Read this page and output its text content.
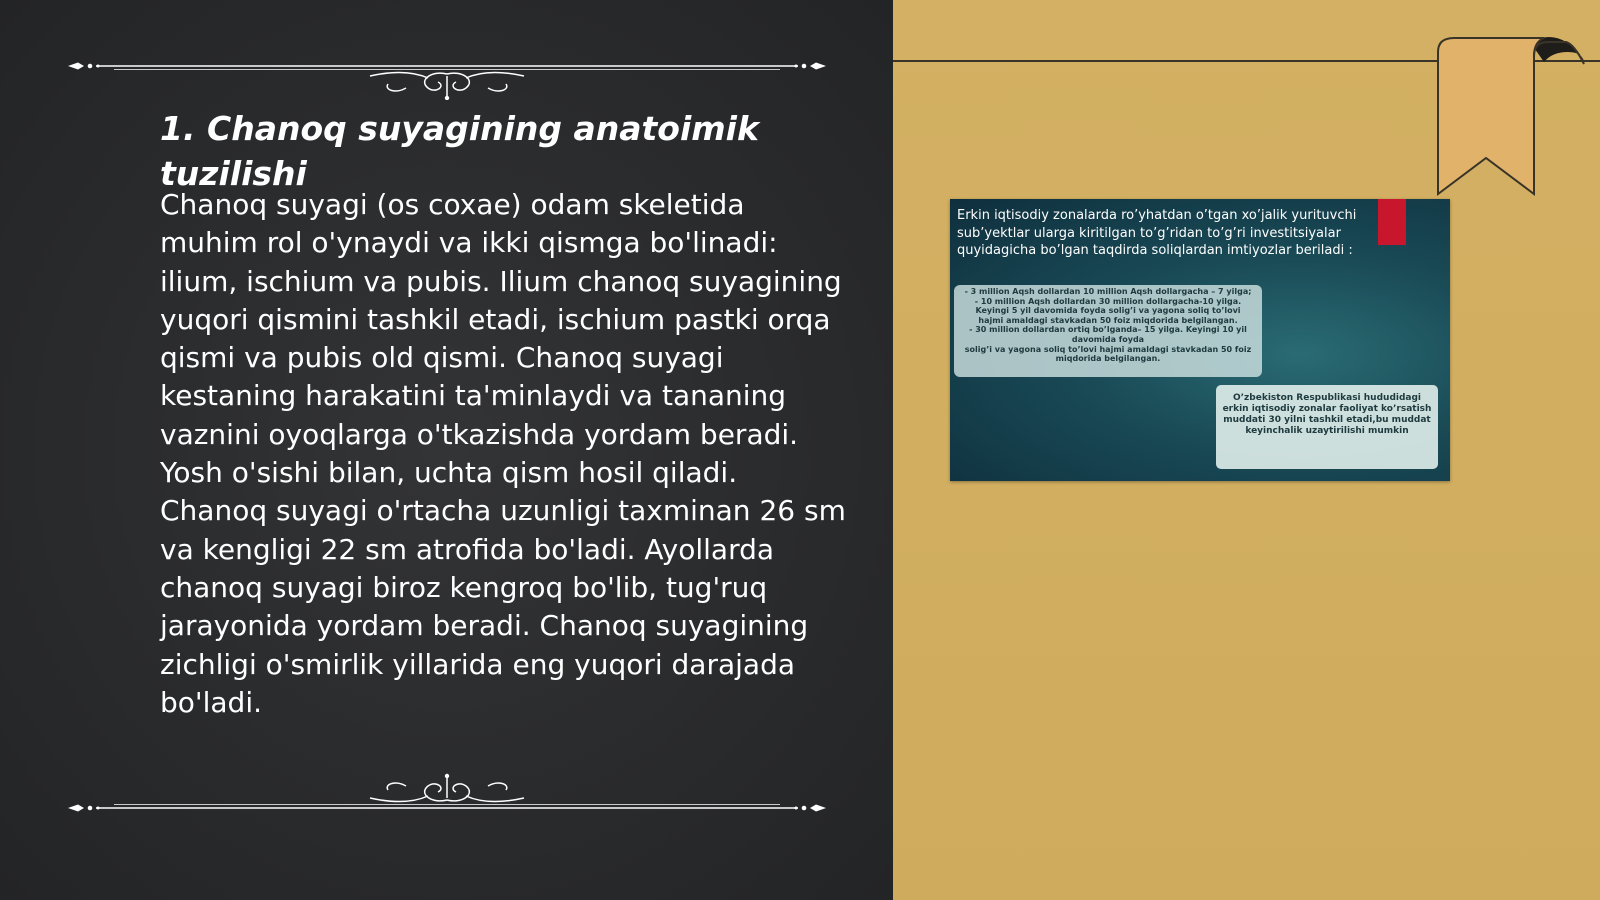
1. Chanoq suyagining anatoimik tuzilishi

Chanoq suyagi (os coxae) odam skeletida muhim rol o'ynaydi va ikki qismga bo'linadi: ilium, ischium va pubis. Ilium chanoq suyagining yuqori qismini tashkil etadi, ischium pastki orqa qismi va pubis old qismi. Chanoq suyagi kestaning harakatini ta'minlaydi va tananing vaznini oyoqlarga o'tkazishda yordam beradi. Yosh o'sishi bilan, uchta qism hosil qiladi. Chanoq suyagi o'rtacha uzunligi taxminan 26 sm va kengligi 22 sm atrofida bo'ladi. Ayollarda chanoq suyagi biroz kengroq bo'lib, tug'ruq jarayonida yordam beradi. Chanoq suyagining zichligi o'smirlik yillarida eng yuqori darajada bo'ladi.

Erkin iqtisodiy zonalarda ro’yhatdan o’tgan xo’jalik yurituvchi sub’yektlar ularga kiritilgan to’g’ridan to’g’ri investitsiyalar quyidagicha bo’lgan taqdirda soliqlardan imtiyozlar beriladi :

- 3 million Aqsh dollardan 10 million Aqsh dollargacha – 7 yilga;

- 10 million Aqsh dollardan 30 million dollargacha-10 yilga. Keyingi 5 yil davomida foyda solig’i va yagona soliq to’lovi hajmi amaldagi stavkadan 50 foiz miqdorida belgilangan.

- 30 million dollardan ortiq bo’lganda– 15 yilga. Keyingi 10 yil davomida foyda

solig’i va yagona soliq to’lovi hajmi amaldagi stavkadan 50 foiz miqdorida belgilangan.

O’zbekiston Respublikasi hududidagi erkin iqtisodiy zonalar faoliyat ko’rsatish muddati 30 yilni tashkil etadi,bu muddat keyinchalik uzaytirilishi mumkin
